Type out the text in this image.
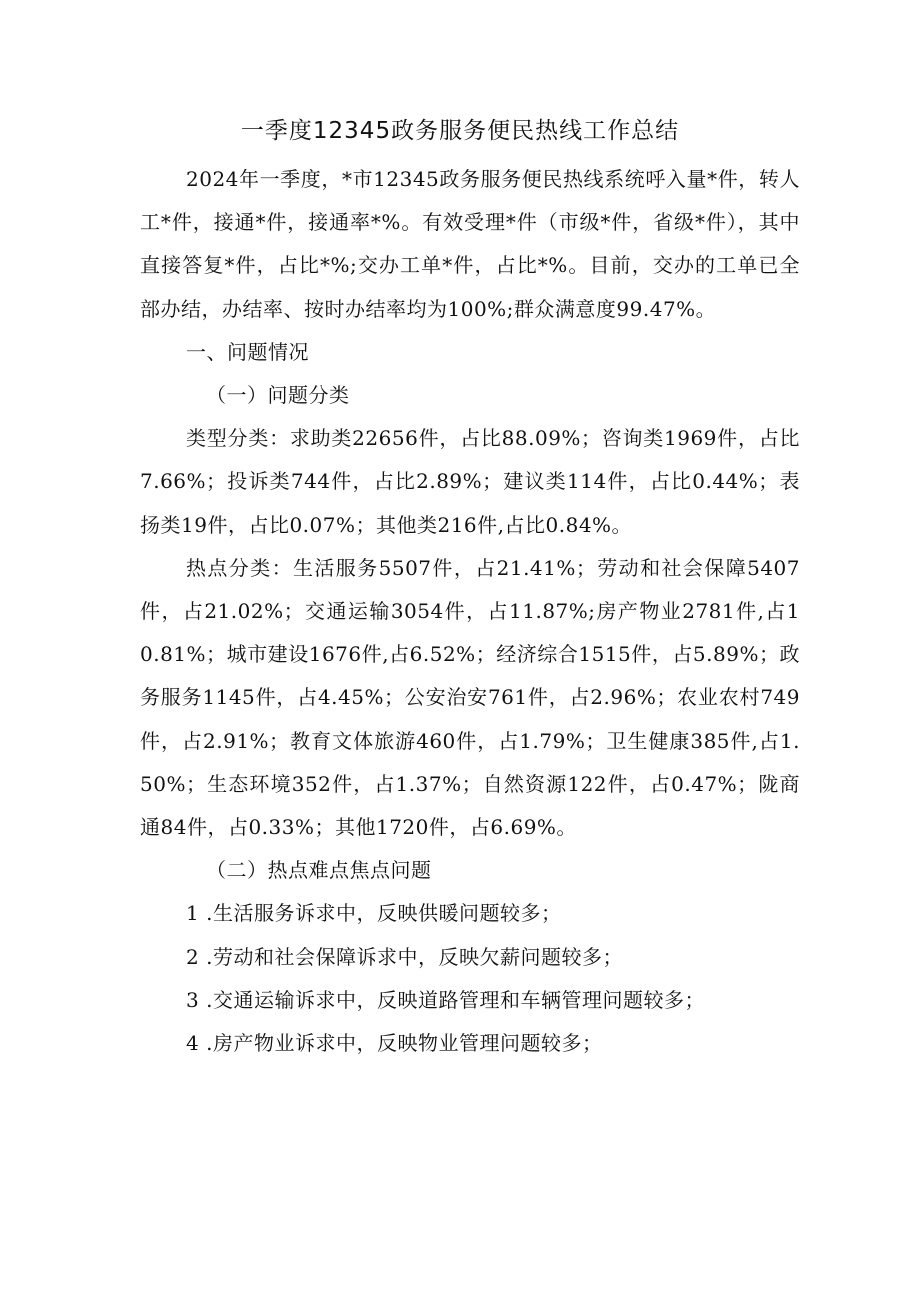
一季度12345政务服务便民热线工作总结

2024年一季度，*市12345政务服务便民热线系统呼入量*件，转人工*件，接通*件，接通率*%。有效受理*件（市级*件，省级*件），其中直接答复*件，占比*%;交办工单*件，占比*%。目前，交办的工单已全部办结，办结率、按时办结率均为100%;群众满意度99.47%。

一、问题情况

（一）问题分类

类型分类：求助类22656件，占比88.09%；咨询类1969件，占比7.66%；投诉类744件，占比2.89%；建议类114件，占比0.44%；表扬类19件，占比0.07%；其他类216件,占比0.84%。

热点分类：生活服务5507件，占21.41%；劳动和社会保障5407件，占21.02%；交通运输3054件，占11.87%;房产物业2781件,占10.81%；城市建设1676件,占6.52%；经济综合1515件，占5.89%；政务服务1145件，占4.45%；公安治安761件，占2.96%；农业农村749件，占2.91%；教育文体旅游460件，占1.79%；卫生健康385件,占1.50%；生态环境352件，占1.37%；自然资源122件，占0.47%；陇商通84件，占0.33%；其他1720件，占6.69%。

（二）热点难点焦点问题

1 .生活服务诉求中，反映供暖问题较多；

2 .劳动和社会保障诉求中，反映欠薪问题较多；

3 .交通运输诉求中，反映道路管理和车辆管理问题较多；

4 .房产物业诉求中，反映物业管理问题较多；
